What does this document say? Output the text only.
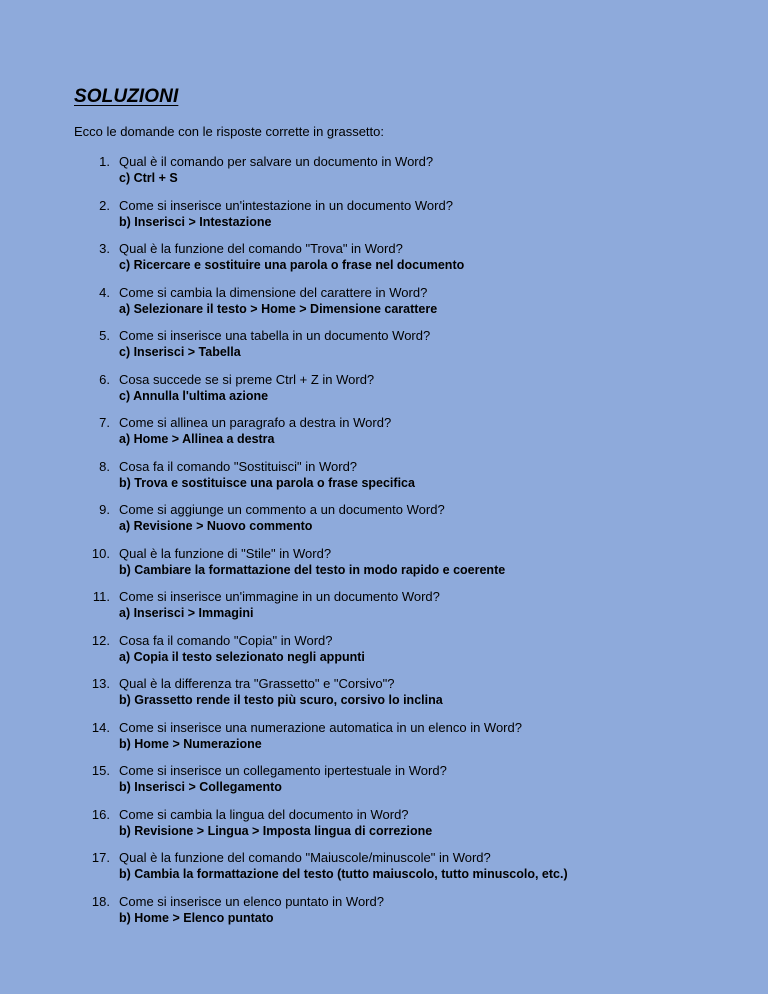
SOLUZIONI

Ecco le domande con le risposte corrette in grassetto:

1. Qual è il comando per salvare un documento in Word?
c) Ctrl + S
2. Come si inserisce un'intestazione in un documento Word?
b) Inserisci > Intestazione
3. Qual è la funzione del comando "Trova" in Word?
c) Ricercare e sostituire una parola o frase nel documento
4. Come si cambia la dimensione del carattere in Word?
a) Selezionare il testo > Home > Dimensione carattere
5. Come si inserisce una tabella in un documento Word?
c) Inserisci > Tabella
6. Cosa succede se si preme Ctrl + Z in Word?
c) Annulla l'ultima azione
7. Come si allinea un paragrafo a destra in Word?
a) Home > Allinea a destra
8. Cosa fa il comando "Sostituisci" in Word?
b) Trova e sostituisce una parola o frase specifica
9. Come si aggiunge un commento a un documento Word?
a) Revisione > Nuovo commento
10. Qual è la funzione di "Stile" in Word?
b) Cambiare la formattazione del testo in modo rapido e coerente
11. Come si inserisce un'immagine in un documento Word?
a) Inserisci > Immagini
12. Cosa fa il comando "Copia" in Word?
a) Copia il testo selezionato negli appunti
13. Qual è la differenza tra "Grassetto" e "Corsivo"?
b) Grassetto rende il testo più scuro, corsivo lo inclina
14. Come si inserisce una numerazione automatica in un elenco in Word?
b) Home > Numerazione
15. Come si inserisce un collegamento ipertestuale in Word?
b) Inserisci > Collegamento
16. Come si cambia la lingua del documento in Word?
b) Revisione > Lingua > Imposta lingua di correzione
17. Qual è la funzione del comando "Maiuscole/minuscole" in Word?
b) Cambia la formattazione del testo (tutto maiuscolo, tutto minuscolo, etc.)
18. Come si inserisce un elenco puntato in Word?
b) Home > Elenco puntato
